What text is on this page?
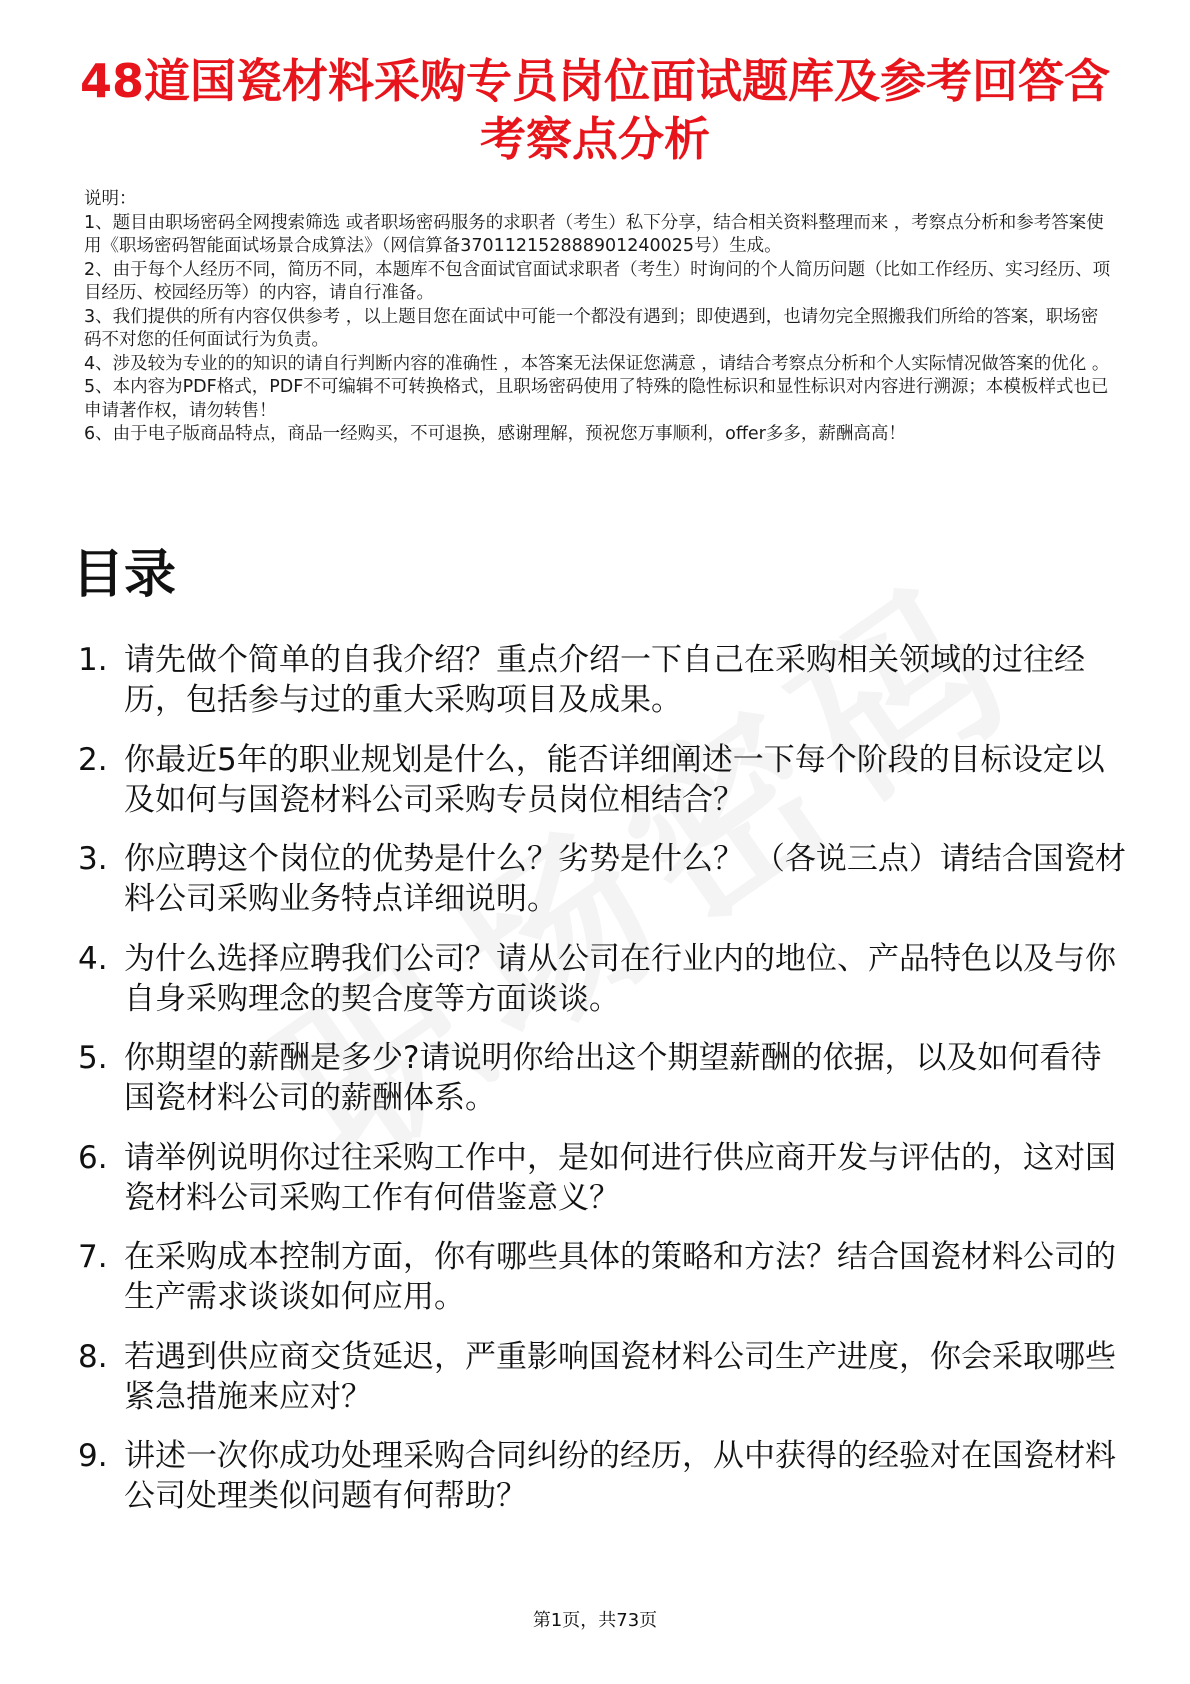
48道国瓷材料采购专员岗位面试题库及参考回答含考察点分析

说明：

1、题目由职场密码全网搜索筛选 或者职场密码服务的求职者（考生）私下分享，结合相关资料整理而来 ，考察点分析和参考答案使用《职场密码智能面试场景合成算法》（网信算备370112152888901240025号）生成。

2、由于每个人经历不同，简历不同，本题库不包含面试官面试求职者（考生）时询问的个人简历问题（比如工作经历、实习经历、项目经历、校园经历等）的内容，请自行准备。

3、我们提供的所有内容仅供参考 ，以上题目您在面试中可能一个都没有遇到；即使遇到，也请勿完全照搬我们所给的答案，职场密码不对您的任何面试行为负责。

4、涉及较为专业的的知识的请自行判断内容的准确性 ，本答案无法保证您满意 ，请结合考察点分析和个人实际情况做答案的优化 。

5、本内容为PDF格式，PDF不可编辑不可转换格式，且职场密码使用了特殊的隐性标识和显性标识对内容进行溯源；本模板样式也已申请著作权，请勿转售！

6、由于电子版商品特点，商品一经购买，不可退换，感谢理解，预祝您万事顺利，offer多多，薪酬高高！

目录
1. 请先做个简单的自我介绍？重点介绍一下自己在采购相关领域的过往经历，包括参与过的重大采购项目及成果。
2. 你最近5年的职业规划是什么，能否详细阐述一下每个阶段的目标设定以及如何与国瓷材料公司采购专员岗位相结合？
3. 你应聘这个岗位的优势是什么？劣势是什么？ （各说三点）请结合国瓷材料公司采购业务特点详细说明。
4. 为什么选择应聘我们公司？请从公司在行业内的地位、产品特色以及与你自身采购理念的契合度等方面谈谈。
5. 你期望的薪酬是多少?请说明你给出这个期望薪酬的依据，以及如何看待国瓷材料公司的薪酬体系。
6. 请举例说明你过往采购工作中，是如何进行供应商开发与评估的，这对国瓷材料公司采购工作有何借鉴意义？
7. 在采购成本控制方面，你有哪些具体的策略和方法？结合国瓷材料公司的生产需求谈谈如何应用。
8. 若遇到供应商交货延迟，严重影响国瓷材料公司生产进度，你会采取哪些紧急措施来应对？
9. 讲述一次你成功处理采购合同纠纷的经历，从中获得的经验对在国瓷材料公司处理类似问题有何帮助？
第1页，共73页
